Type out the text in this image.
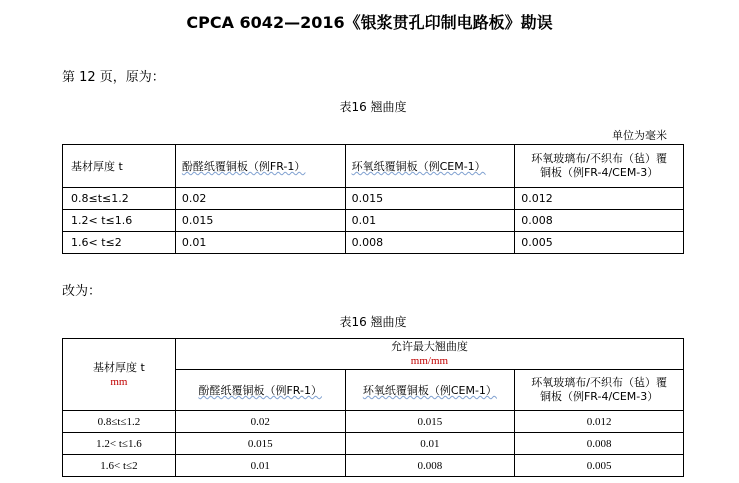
CPCA 6042—2016《银浆贯孔印制电路板》勘误
第 12 页，原为：
表16 翘曲度
单位为毫米
基材厚度 t	酚醛纸覆铜板（例FR-1）	环氧纸覆铜板（例CEM-1）	环氧玻璃布/不织布（毡）覆
铜板（例FR-4/CEM-3）

0.8≤t≤1.2	0.02	0.015	0.012
1.2< t≤1.6	0.015	0.01	0.008
1.6< t≤2	0.01	0.008	0.005
改为：
表16 翘曲度
基材厚度 t
mm	允许最大翘曲度
mm/mm		

	酚醛纸覆铜板（例FR-1）	环氧纸覆铜板（例CEM-1）	环氧玻璃布/不织布（毡）覆
铜板（例FR-4/CEM-3）

0.8≤t≤1.2	0.02	0.015	0.012
1.2< t≤1.6	0.015	0.01	0.008
1.6< t≤2	0.01	0.008	0.005
